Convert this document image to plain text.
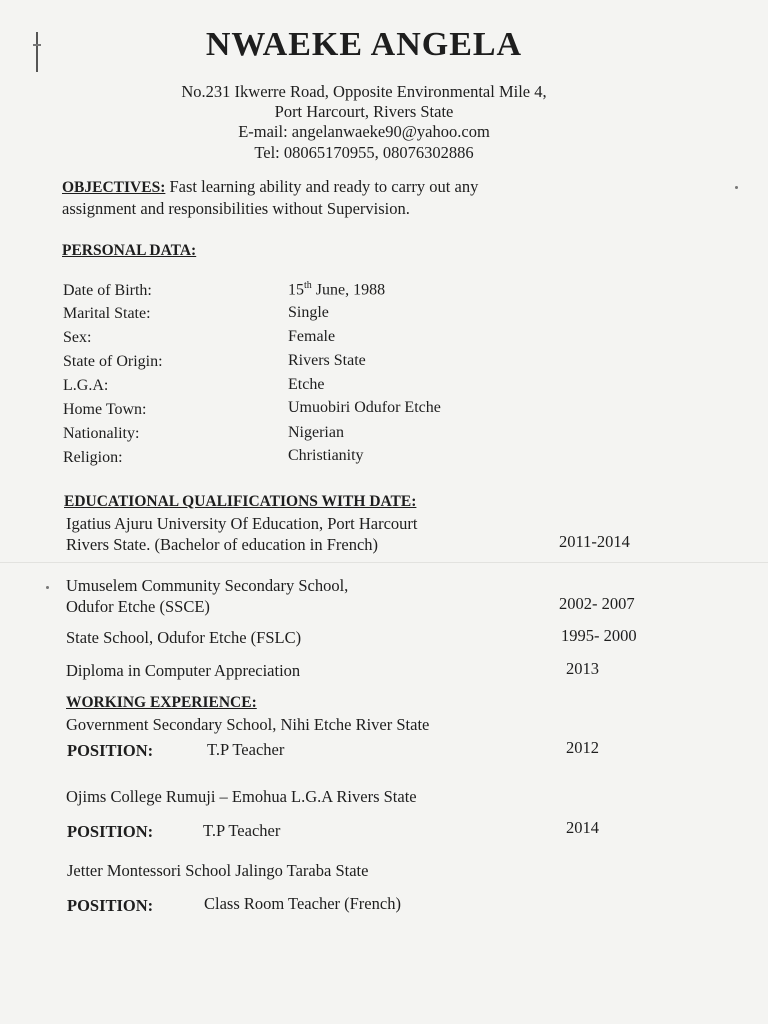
NWAEKE ANGELA
No.231 Ikwerre Road, Opposite Environmental Mile 4,
Port Harcourt, Rivers State
E-mail: angelanwaeke90@yahoo.com
Tel: 08065170955, 08076302886
OBJECTIVES: Fast learning ability and ready to carry out any
assignment and responsibilities without Supervision.
PERSONAL DATA:
Date of Birth:	15th June, 1988
Marital State:	Single
Sex:	Female
State of Origin:	Rivers State
L.G.A:	Etche
Home Town:	Umuobiri Odufor Etche
Nationality:	Nigerian
Religion:	Christianity
EDUCATIONAL QUALIFICATIONS WITH DATE:
Igatius Ajuru University Of Education, Port Harcourt
Rivers State. (Bachelor of education in French)	2011-2014
Umuselem Community Secondary School,
Odufor Etche (SSCE)	2002- 2007
State School, Odufor Etche (FSLC)	1995- 2000
Diploma in Computer Appreciation	2013
WORKING EXPERIENCE:
Government Secondary School, Nihi Etche River State
POSITION:	T.P Teacher	2012
Ojims College Rumuji – Emohua L.G.A Rivers State
POSITION:	T.P Teacher	2014
Jetter Montessori School Jalingo Taraba State
POSITION:	Class Room Teacher (French)
